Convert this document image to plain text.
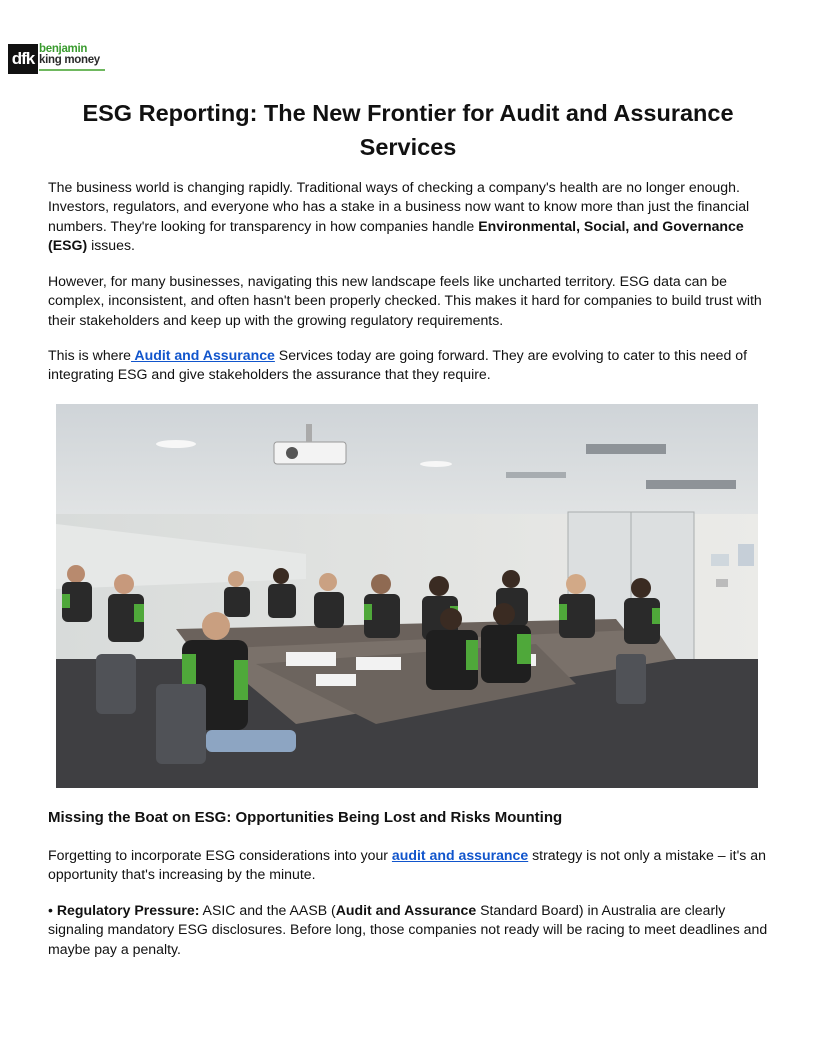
dfk benjamin
king money
ESG Reporting: The New Frontier for Audit and Assurance Services

The business world is changing rapidly. Traditional ways of checking a company's health are no longer enough. Investors, regulators, and everyone who has a stake in a business now want to know more than just the financial numbers. They're looking for transparency in how companies handle Environmental, Social, and Governance (ESG) issues.

However, for many businesses, navigating this new landscape feels like uncharted territory. ESG data can be complex, inconsistent, and often hasn't been properly checked. This makes it hard for companies to build trust with their stakeholders and keep up with the growing regulatory requirements.

This is where Audit and Assurance Services today are going forward. They are evolving to cater to this need of integrating ESG and give stakeholders the assurance that they require.

Missing the Boat on ESG: Opportunities Being Lost and Risks Mounting

Forgetting to incorporate ESG considerations into your audit and assurance strategy is not only a mistake – it's an opportunity that's increasing by the minute.

• Regulatory Pressure: ASIC and the AASB (Audit and Assurance Standard Board) in Australia are clearly signaling mandatory ESG disclosures. Before long, those companies not ready will be racing to meet deadlines and maybe pay a penalty.
